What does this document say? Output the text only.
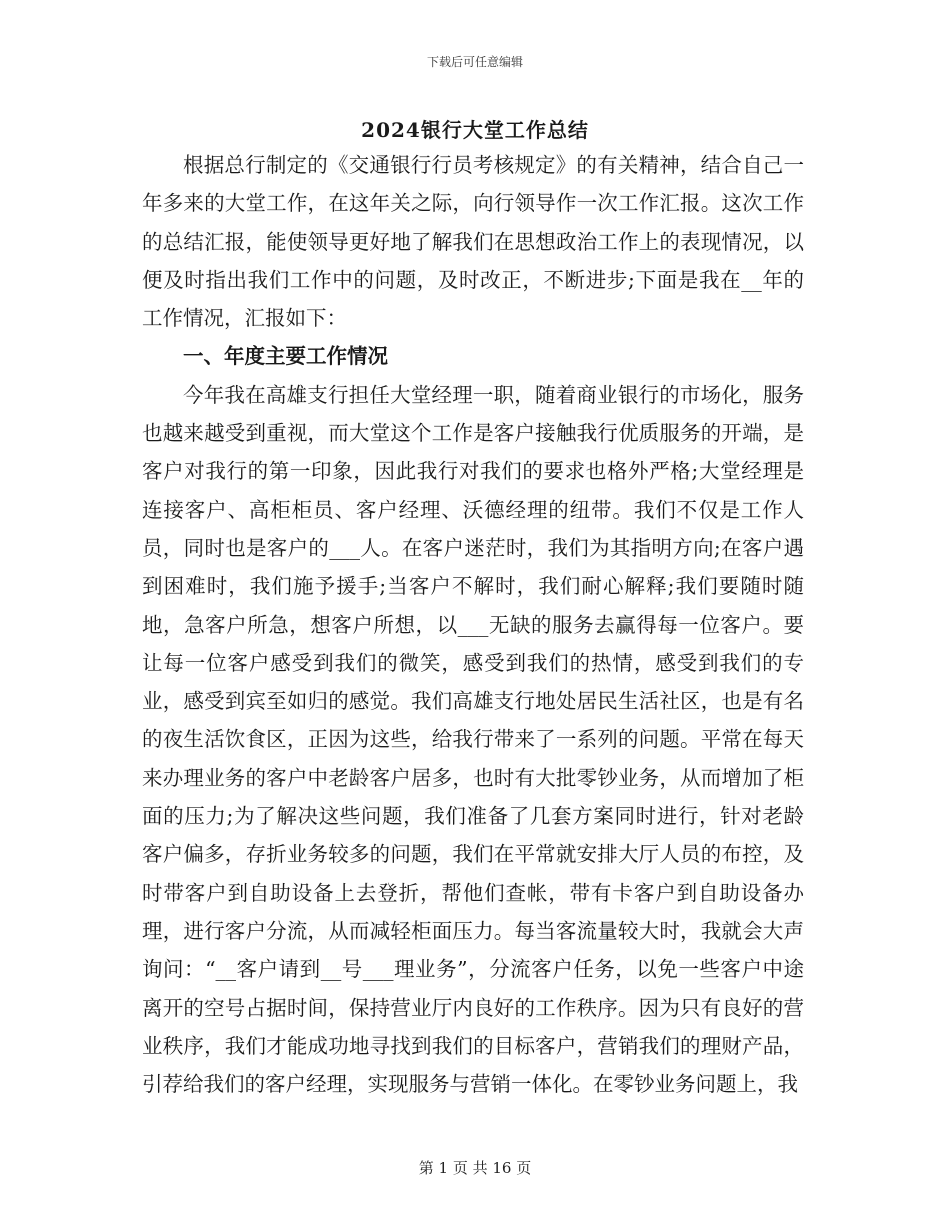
下载后可任意编辑
2024银行大堂工作总结

根据总行制定的《交通银行行员考核规定》的有关精神，结合自己一年多来的大堂工作，在这年关之际，向行领导作一次工作汇报。这次工作的总结汇报，能使领导更好地了解我们在思想政治工作上的表现情况，以便及时指出我们工作中的问题，及时改正，不断进步;下面是我在__年的工作情况，汇报如下：

一、年度主要工作情况

今年我在高雄支行担任大堂经理一职，随着商业银行的市场化，服务也越来越受到重视，而大堂这个工作是客户接触我行优质服务的开端，是客户对我行的第一印象，因此我行对我们的要求也格外严格;大堂经理是连接客户、高柜柜员、客户经理、沃德经理的纽带。我们不仅是工作人员，同时也是客户的___人。在客户迷茫时，我们为其指明方向;在客户遇到困难时，我们施予援手;当客户不解时，我们耐心解释;我们要随时随地，急客户所急，想客户所想，以___无缺的服务去赢得每一位客户。要让每一位客户感受到我们的微笑，感受到我们的热情，感受到我们的专业，感受到宾至如归的感觉。我们高雄支行地处居民生活社区，也是有名的夜生活饮食区，正因为这些，给我行带来了一系列的问题。平常在每天来办理业务的客户中老龄客户居多，也时有大批零钞业务，从而增加了柜面的压力;为了解决这些问题，我们准备了几套方案同时进行，针对老龄客户偏多，存折业务较多的问题，我们在平常就安排大厅人员的布控，及时带客户到自助设备上去登折，帮他们查帐，带有卡客户到自助设备办理，进行客户分流，从而减轻柜面压力。每当客流量较大时，我就会大声询问：“__客户请到__号___理业务”，分流客户任务，以免一些客户中途离开的空号占据时间，保持营业厅内良好的工作秩序。因为只有良好的营业秩序，我们才能成功地寻找到我们的目标客户，营销我们的理财产品，引荐给我们的客户经理，实现服务与营销一体化。在零钞业务问题上，我

第 1 页 共 16 页
